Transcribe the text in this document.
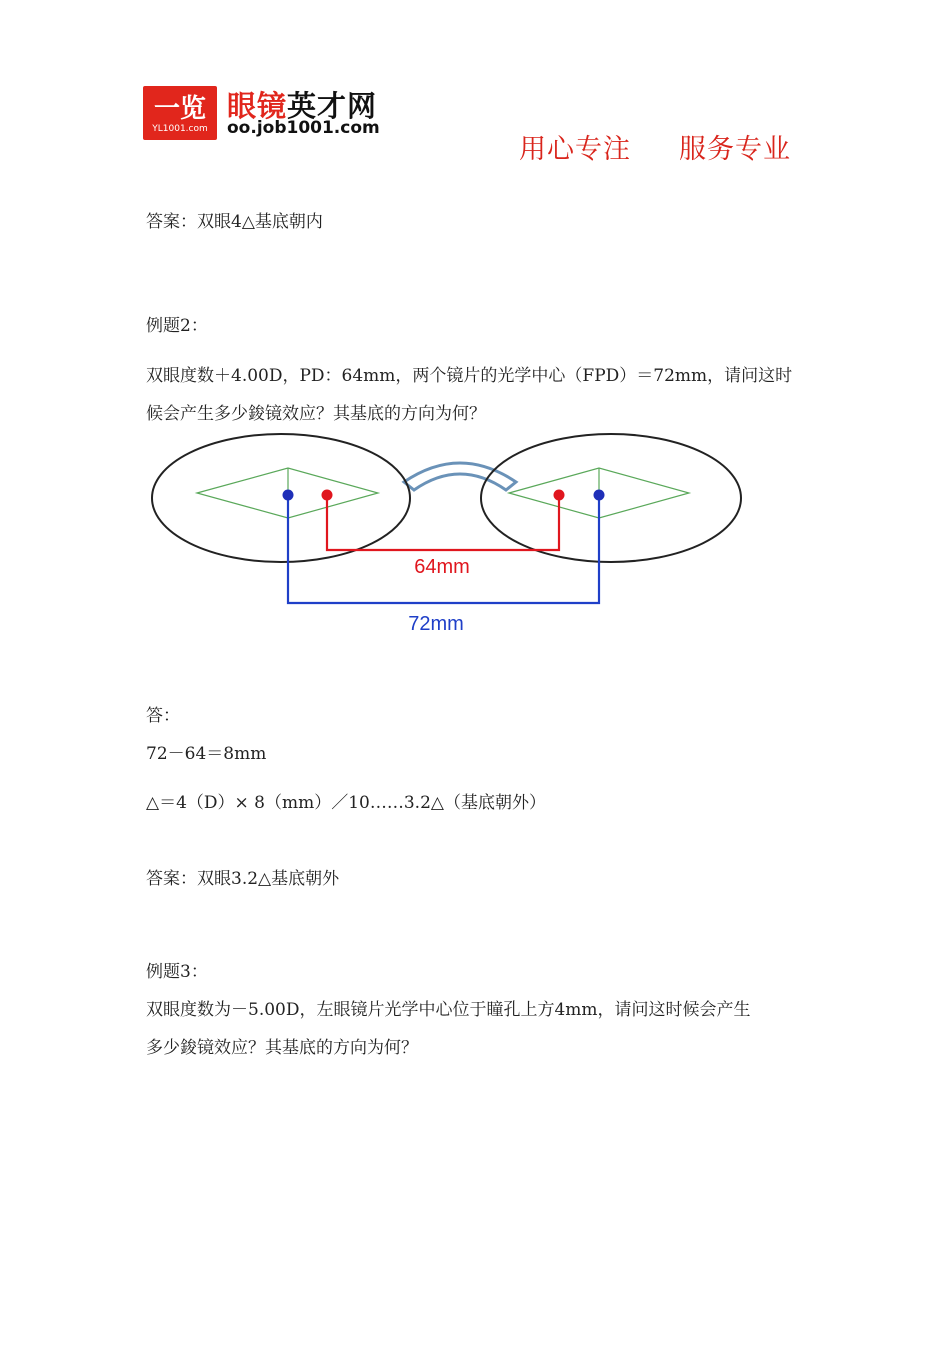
一览
YL1001.com
眼镜英才网
oo.job1001.com
用心专注 服务专业
答案：双眼4△基底朝内
例题2：
双眼度数＋4.00D，PD：64mm，两个镜片的光学中心（FPD）＝72mm，请问这时
候会产生多少鋑镜效应？其基底的方向为何？
64mm
72mm
答：
72－64＝8mm
△＝4（D）× 8（mm）／10……3.2△（基底朝外）
答案：双眼3.2△基底朝外
例题3：
双眼度数为－5.00D，左眼镜片光学中心位于瞳孔上方4mm，请问这时候会产生
多少鋑镜效应？其基底的方向为何？
